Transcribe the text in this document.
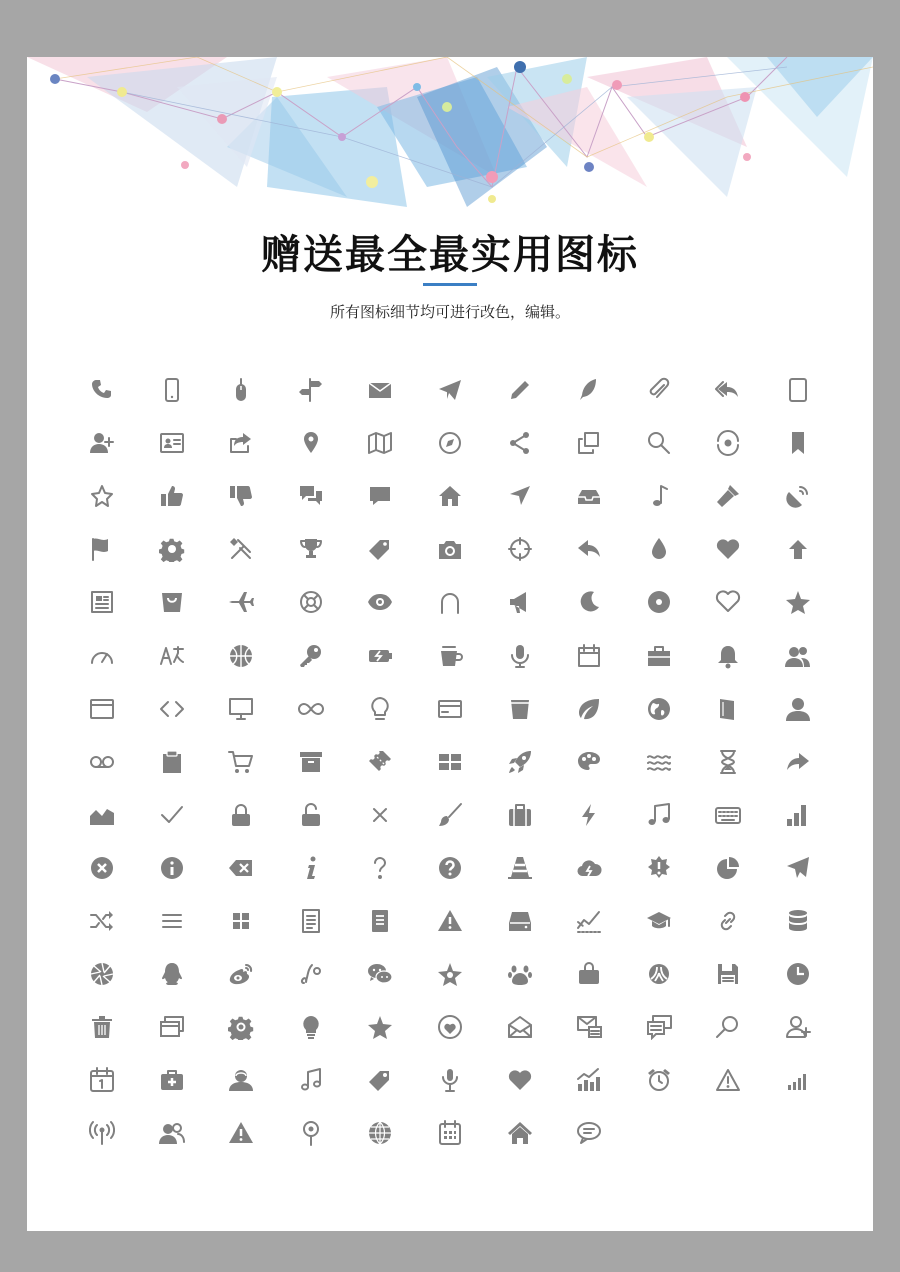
赠送最全最实用图标
所有图标细节均可进行改色，编辑。
